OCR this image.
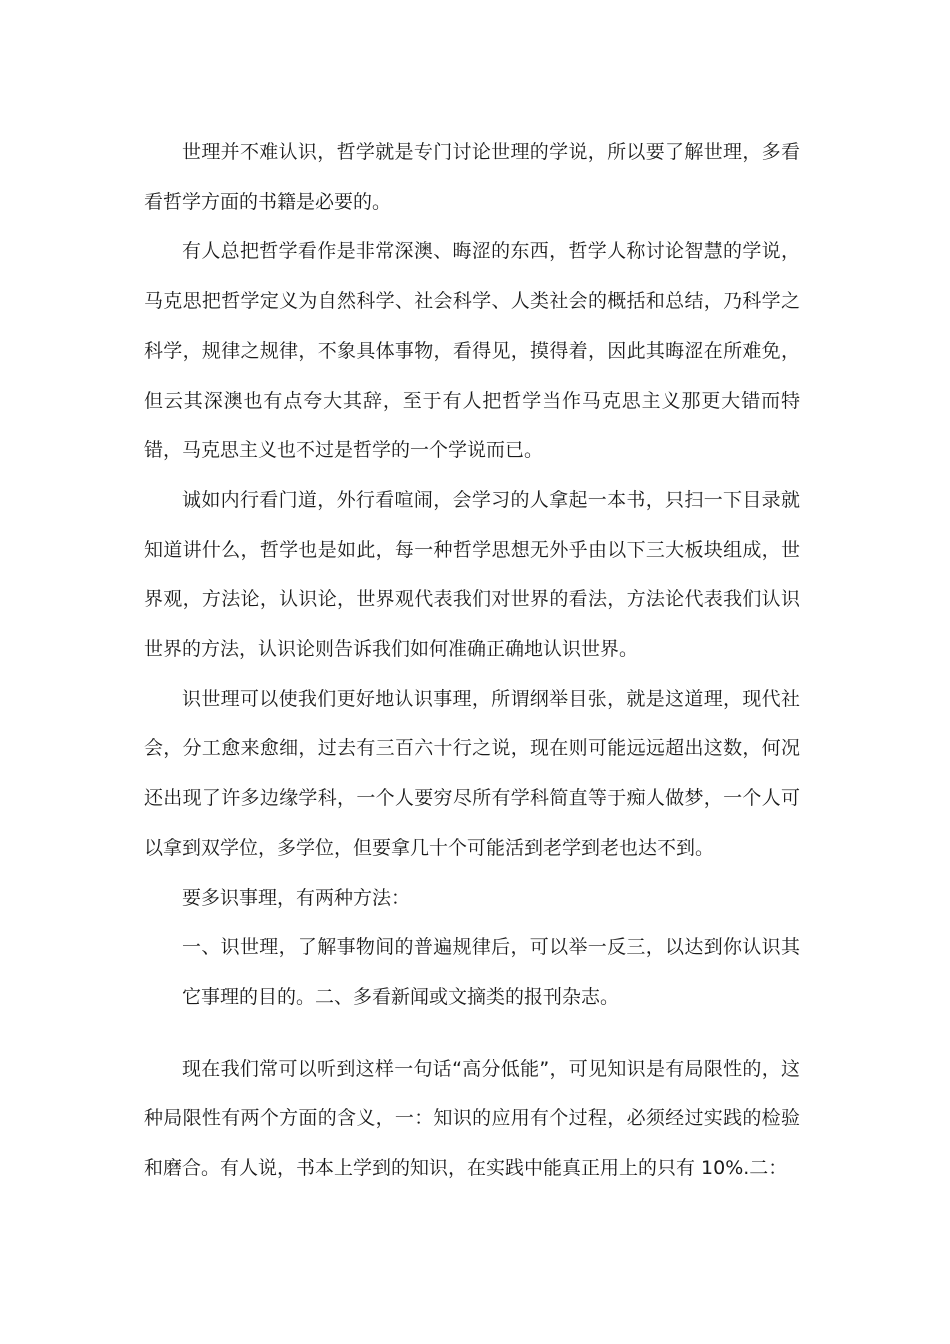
世理并不难认识，哲学就是专门讨论世理的学说，所以要了解世理，多看看哲学方面的书籍是必要的。

有人总把哲学看作是非常深澳、晦涩的东西，哲学人称讨论智慧的学说，马克思把哲学定义为自然科学、社会科学、人类社会的概括和总结，乃科学之科学，规律之规律，不象具体事物，看得见，摸得着，因此其晦涩在所难免，但云其深澳也有点夸大其辞，至于有人把哲学当作马克思主义那更大错而特错，马克思主义也不过是哲学的一个学说而已。

诚如内行看门道，外行看喧闹，会学习的人拿起一本书，只扫一下目录就知道讲什么，哲学也是如此，每一种哲学思想无外乎由以下三大板块组成，世界观，方法论，认识论，世界观代表我们对世界的看法，方法论代表我们认识世界的方法，认识论则告诉我们如何准确正确地认识世界。

识世理可以使我们更好地认识事理，所谓纲举目张，就是这道理，现代社会，分工愈来愈细，过去有三百六十行之说，现在则可能远远超出这数，何况还出现了许多边缘学科，一个人要穷尽所有学科简直等于痴人做梦，一个人可以拿到双学位，多学位，但要拿几十个可能活到老学到老也达不到。

要多识事理，有两种方法：

一、识世理，了解事物间的普遍规律后，可以举一反三，以达到你认识其它事理的目的。二、多看新闻或文摘类的报刊杂志。

现在我们常可以听到这样一句话“高分低能”，可见知识是有局限性的，这种局限性有两个方面的含义，一：知识的应用有个过程，必须经过实践的检验和磨合。有人说，书本上学到的知识，在实践中能真正用上的只有 10%.二：
